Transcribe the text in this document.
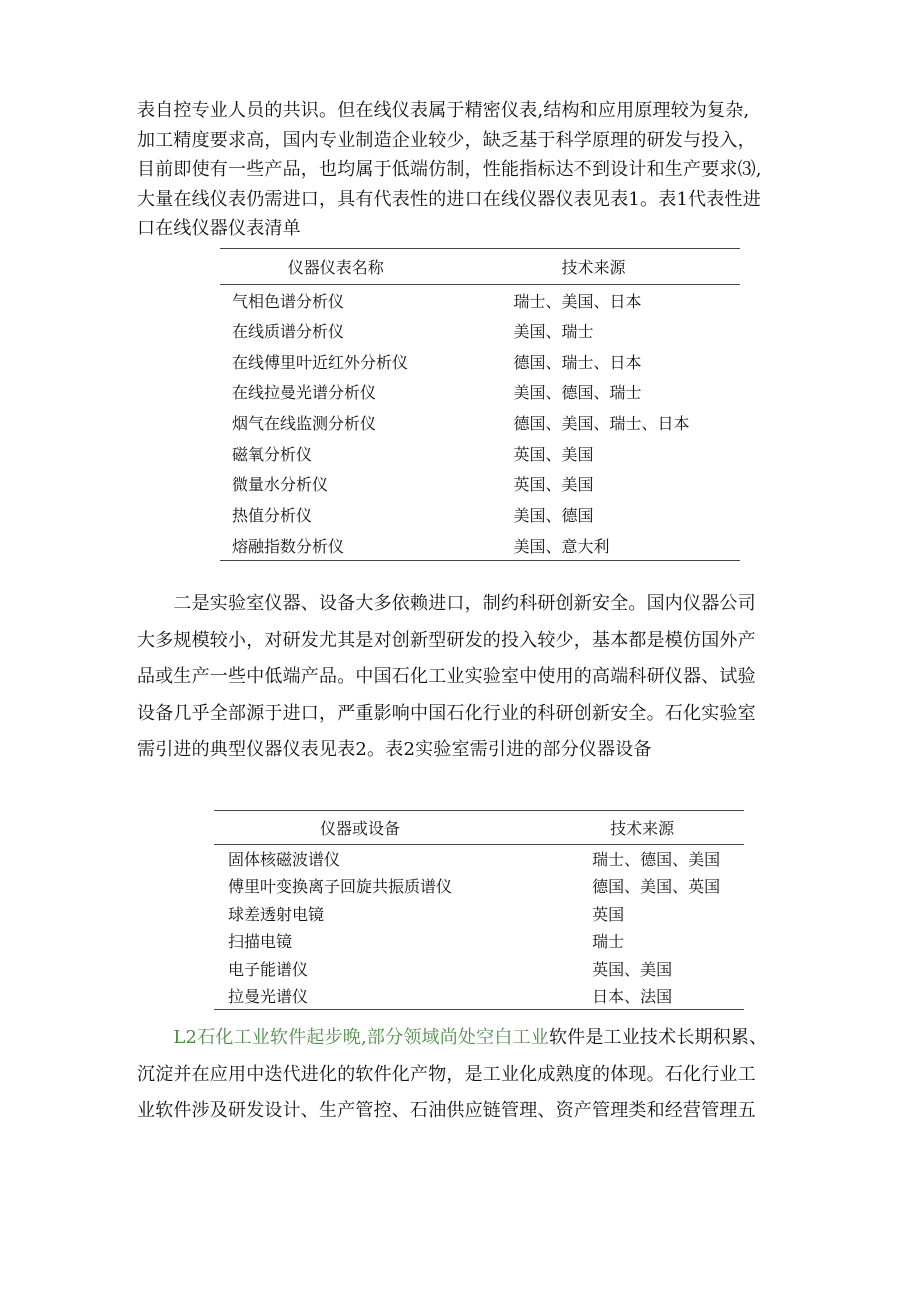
表自控专业人员的共识。但在线仪表属于精密仪表,结构和应用原理较为复杂,
加工精度要求高，国内专业制造企业较少，缺乏基于科学原理的研发与投入，
目前即使有一些产品，也均属于低端仿制，性能指标达不到设计和生产要求⑶,
大量在线仪表仍需进口，具有代表性的进口在线仪器仪表见表1。表1代表性进
口在线仪器仪表清单
仪器仪表名称	技术来源
气相色谱分析仪	瑞士、美国、日本
在线质谱分析仪	美国、瑞士
在线傅里叶近红外分析仪	德国、瑞士、日本
在线拉曼光谱分析仪	美国、德国、瑞士
烟气在线监测分析仪	德国、美国、瑞士、日本
磁氧分析仪	英国、美国
微量水分析仪	英国、美国
热值分析仪	美国、德国
熔融指数分析仪	美国、意大利
　　二是实验室仪器、设备大多依赖进口，制约科研创新安全。国内仪器公司
大多规模较小，对研发尤其是对创新型研发的投入较少，基本都是模仿国外产
品或生产一些中低端产品。中国石化工业实验室中使用的高端科研仪器、试验
设备几乎全部源于进口，严重影响中国石化行业的科研创新安全。石化实验室
需引进的典型仪器仪表见表2。表2实验室需引进的部分仪器设备
仪器或设备	技术来源
固体核磁波谱仪	瑞士、德国、美国
傅里叶变换离子回旋共振质谱仪	德国、美国、英国
球差透射电镜	英国
扫描电镜	瑞士
电子能谱仪	英国、美国
拉曼光谱仪	日本、法国
　　L2石化工业软件起步晚,部分领域尚处空白工业软件是工业技术长期积累、
沉淀并在应用中迭代进化的软件化产物，是工业化成熟度的体现。石化行业工
业软件涉及研发设计、生产管控、石油供应链管理、资产管理类和经营管理五
